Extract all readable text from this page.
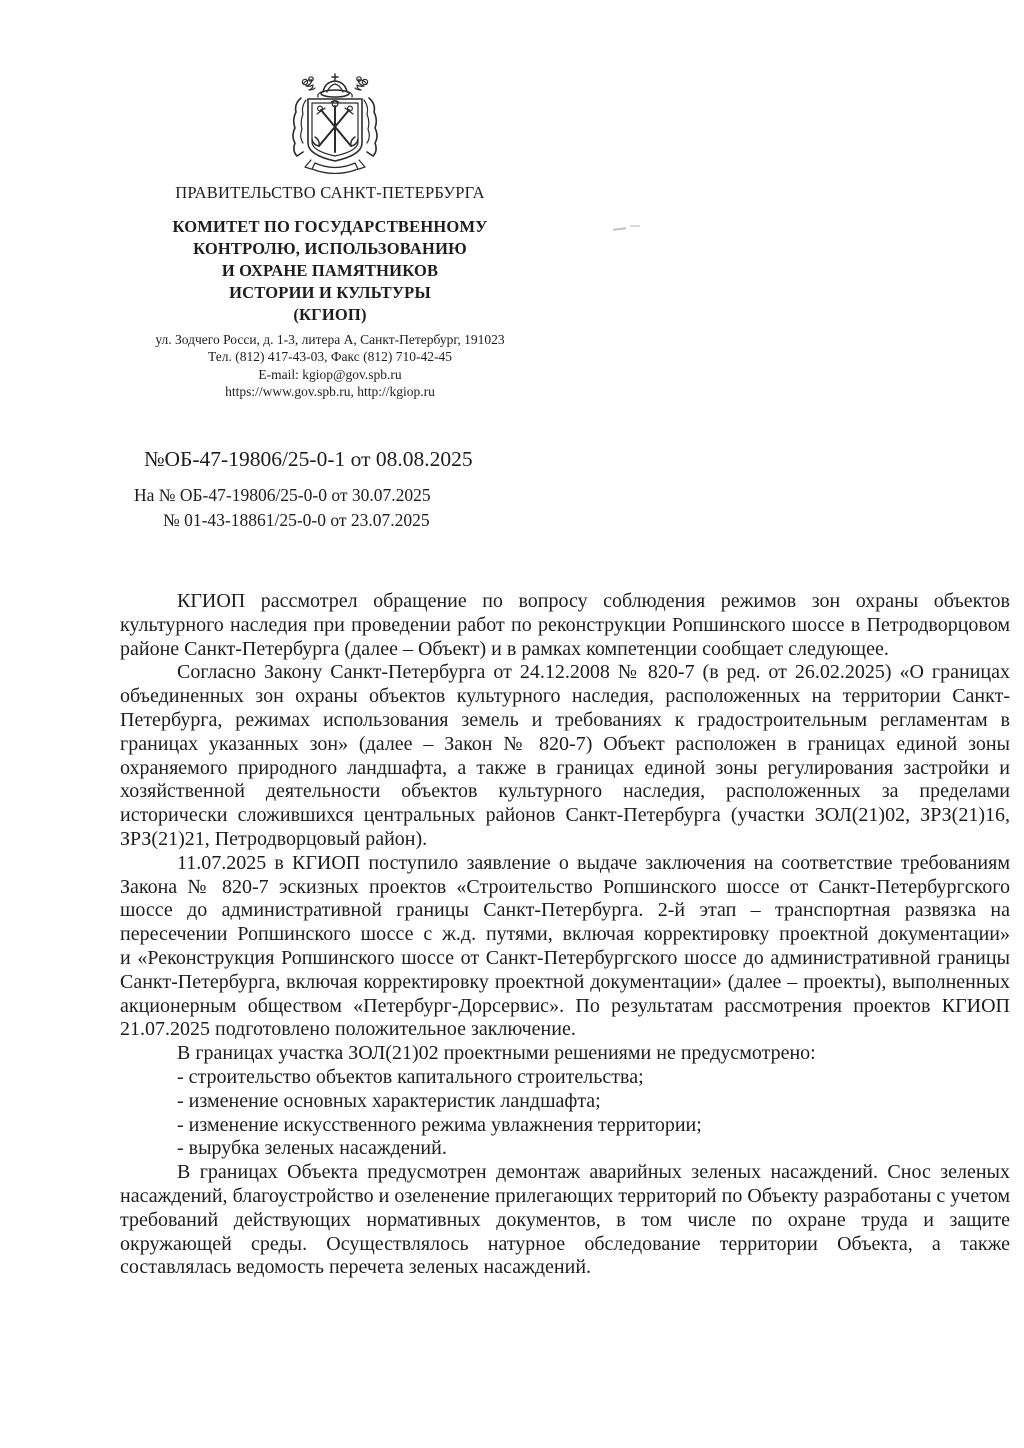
ПРАВИТЕЛЬСТВО САНКТ-ПЕТЕРБУРГА
КОМИТЕТ ПО ГОСУДАРСТВЕННОМУ
КОНТРОЛЮ, ИСПОЛЬЗОВАНИЮ
И ОХРАНЕ ПАМЯТНИКОВ
ИСТОРИИ И КУЛЬТУРЫ
(КГИОП)
ул. Зодчего Росси, д. 1-3, литера А, Санкт-Петербург, 191023
Тел. (812) 417-43-03, Факс (812) 710-42-45
E-mail: kgiop@gov.spb.ru
https://www.gov.spb.ru, http://kgiop.ru
№ОБ-47-19806/25-0-1 от 08.08.2025
На № ОБ-47-19806/25-0-0 от 30.07.2025
№ 01-43-18861/25-0-0 от 23.07.2025

КГИОП рассмотрел обращение по вопросу соблюдения режимов зон охраны объектов культурного наследия при проведении работ по реконструкции Ропшинского шоссе в Петродворцовом районе Санкт-Петербурга (далее – Объект) и в рамках компетенции сообщает следующее.

Согласно Закону Санкт-Петербурга от 24.12.2008 № 820-7 (в ред. от 26.02.2025) «О границах объединенных зон охраны объектов культурного наследия, расположенных на территории Санкт-Петербурга, режимах использования земель и требованиях к градостроительным регламентам в границах указанных зон» (далее – Закон № 820-7) Объект расположен в границах единой зоны охраняемого природного ландшафта, а также в границах единой зоны регулирования застройки и хозяйственной деятельности объектов культурного наследия, расположенных за пределами исторически сложившихся центральных районов Санкт-Петербурга (участки ЗОЛ(21)02, ЗРЗ(21)16, ЗРЗ(21)21, Петродворцовый район).

11.07.2025 в КГИОП поступило заявление о выдаче заключения на соответствие требованиям Закона № 820-7 эскизных проектов «Строительство Ропшинского шоссе от Санкт-Петербургского шоссе до административной границы Санкт-Петербурга. 2-й этап – транспортная развязка на пересечении Ропшинского шоссе с ж.д. путями, включая корректировку проектной документации» и «Реконструкция Ропшинского шоссе от Санкт-Петербургского шоссе до административной границы Санкт-Петербурга, включая корректировку проектной документации» (далее – проекты), выполненных акционерным обществом «Петербург-Дорсервис». По результатам рассмотрения проектов КГИОП 21.07.2025 подготовлено положительное заключение.

В границах участка ЗОЛ(21)02 проектными решениями не предусмотрено:

- строительство объектов капитального строительства;

- изменение основных характеристик ландшафта;

- изменение искусственного режима увлажнения территории;

- вырубка зеленых насаждений.

В границах Объекта предусмотрен демонтаж аварийных зеленых насаждений. Снос зеленых насаждений, благоустройство и озеленение прилегающих территорий по Объекту разработаны с учетом требований действующих нормативных документов, в том числе по охране труда и защите окружающей среды. Осуществлялось натурное обследование территории Объекта, а также составлялась ведомость перечета зеленых насаждений.
